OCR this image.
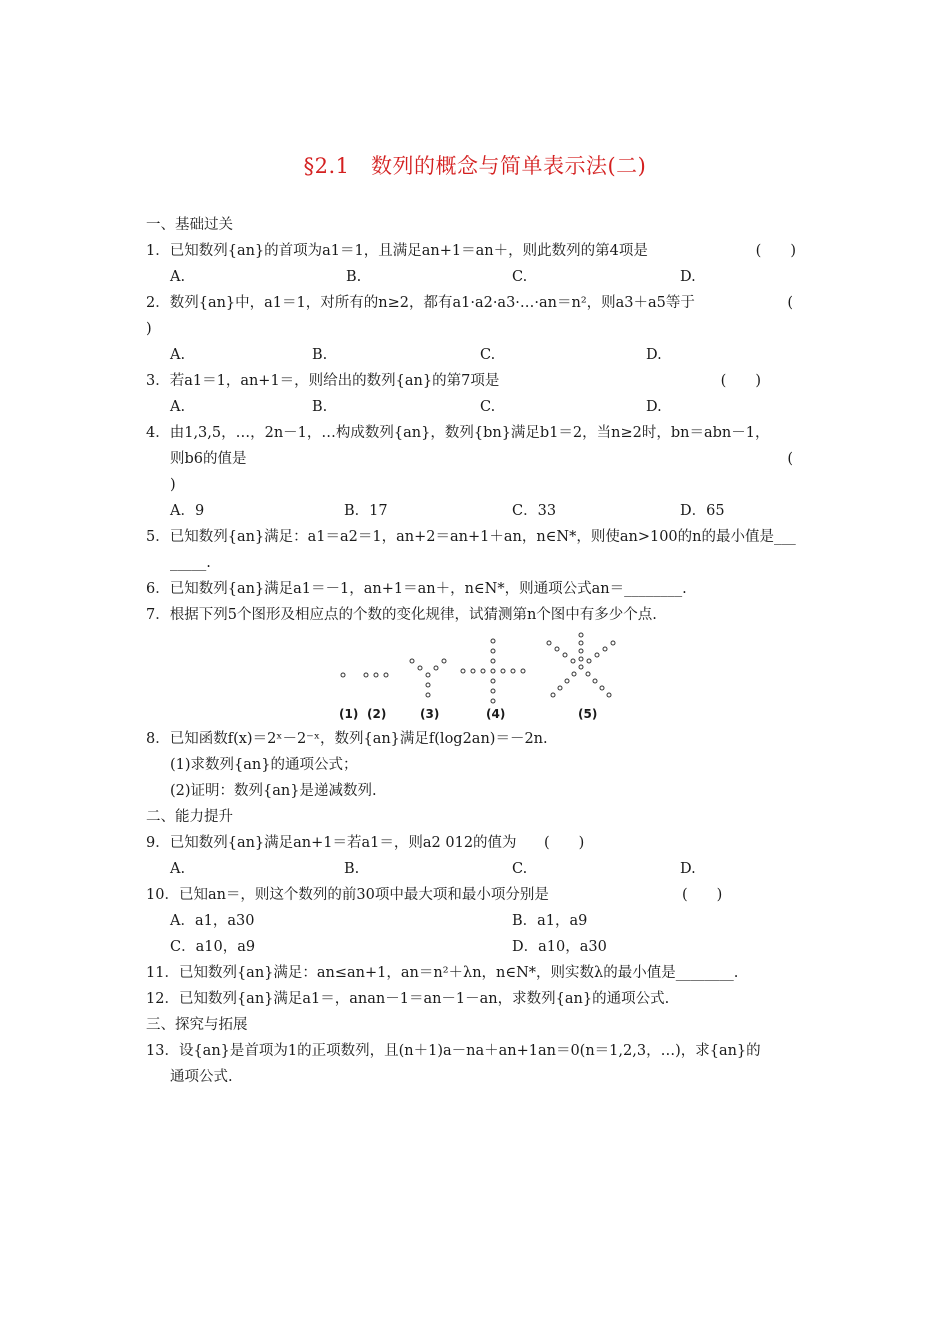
§2.1　数列的概念与简单表示法(二)
一、基础过关
1．已知数列{an}的首项为a1＝1，且满足an+1＝an＋，则此数列的第4项是	(　　)
A.	B.	C.	D.
2．数列{an}中，a1＝1，对所有的n≥2，都有a1·a2·a3·…·an＝n²，则a3＋a5等于	(
)
A.	B.	C.	D.
3．若a1＝1，an+1＝，则给出的数列{an}的第7项是	(　　)
A.	B.	C.	D.
4．由1,3,5，…，2n－1，…构成数列{an}，数列{bn}满足b1＝2，当n≥2时，bn＝abn－1，
则b6的值是	(
)
A．9	B．17	C．33	D．65
5．已知数列{an}满足：a1＝a2＝1，an+2＝an+1＋an，n∈N*，则使an>100的n的最小值是___
_____.
6．已知数列{an}满足a1＝－1，an+1＝an＋，n∈N*，则通项公式an＝________.
7．根据下列5个图形及相应点的个数的变化规律，试猜测第n个图中有多少个点.
(1) (2)	(3)	(4)	(5)
8．已知函数f(x)＝2ˣ－2⁻ˣ，数列{an}满足f(log2an)＝－2n.
(1)求数列{an}的通项公式；
(2)证明：数列{an}是递减数列.
二、能力提升
9．已知数列{an}满足an+1＝若a1＝，则a2 012的值为 (　　)
A.	B.	C.	D.
10．已知an＝，则这个数列的前30项中最大项和最小项分别是	(　　)
A．a1，a30	B．a1，a9
C．a10，a9	D．a10，a30
11．已知数列{an}满足：an≤an+1，an＝n²＋λn，n∈N*，则实数λ的最小值是________.
12．已知数列{an}满足a1＝，anan－1＝an－1－an，求数列{an}的通项公式.
三、探究与拓展
13．设{an}是首项为1的正项数列，且(n＋1)a－na＋an+1an＝0(n＝1,2,3，…)，求{an}的
通项公式.
